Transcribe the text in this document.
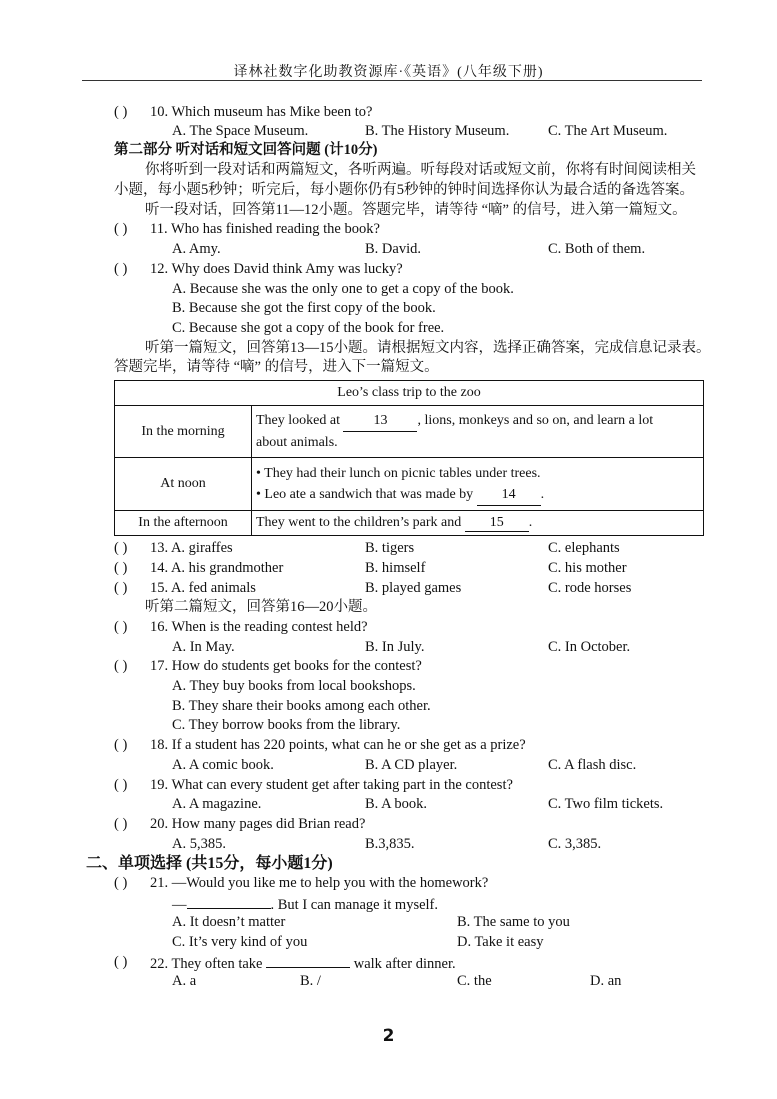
译林社数字化助教资源库·《英语》(八年级下册)
( ) 10. Which museum has Mike been to?
A. The Space Museum.	B. The History Museum.	C. The Art Museum.
第二部分 听对话和短文回答问题 (计10分)
你将听到一段对话和两篇短文，各听两遍。听每段对话或短文前，你将有时间阅读相关
小题，每小题5秒钟；听完后，每小题你仍有5秒钟的钟时间选择你认为最合适的备选答案。
听一段对话，回答第11—12小题。答题完毕，请等待 “嘀” 的信号，进入第一篇短文。
( ) 11. Who has finished reading the book?
A. Amy.	B. David.	C. Both of them.
( ) 12. Why does David think Amy was lucky?
A. Because she was the only one to get a copy of the book.
B. Because she got the first copy of the book.
C. Because she got a copy of the book for free.
听第一篇短文，回答第13—15小题。请根据短文内容，选择正确答案，完成信息记录表。
答题完毕，请等待 “嘀” 的信号，进入下一篇短文。
Leo’s class trip to the zoo	
In the morning	They looked at 13 , lions, monkeys and so on, and learn a lot
about animals.
At noon	• They had their lunch on picnic tables under trees.
• Leo ate a sandwich that was made by 14 .
In the afternoon	They went to the children’s park and 15 .
( ) 13. A. giraffes	B. tigers	C. elephants
( ) 14. A. his grandmother	B. himself	C. his mother
( ) 15. A. fed animals	B. played games	C. rode horses
听第二篇短文，回答第16—20小题。
( ) 16. When is the reading contest held?
A. In May.	B. In July.	C. In October.
( ) 17. How do students get books for the contest?
A. They buy books from local bookshops.
B. They share their books among each other.
C. They borrow books from the library.
( ) 18. If a student has 220 points, what can he or she get as a prize?
A. A comic book.	B. A CD player.	C. A flash disc.
( ) 19. What can every student get after taking part in the contest?
A. A magazine.	B. A book.	C. Two film tickets.
( ) 20. How many pages did Brian read?
A. 5,385.	B.3,835.	C. 3,385.
二、单项选择 (共15分，每小题1分)
( ) 21. —Would you like me to help you with the homework?
—	. But I can manage it myself.
A. It doesn’t matter	B. The same to you
C. It’s very kind of you	D. Take it easy
( ) 22. They often take	walk after dinner.
A. a	B. /	C. the	D. an
2
